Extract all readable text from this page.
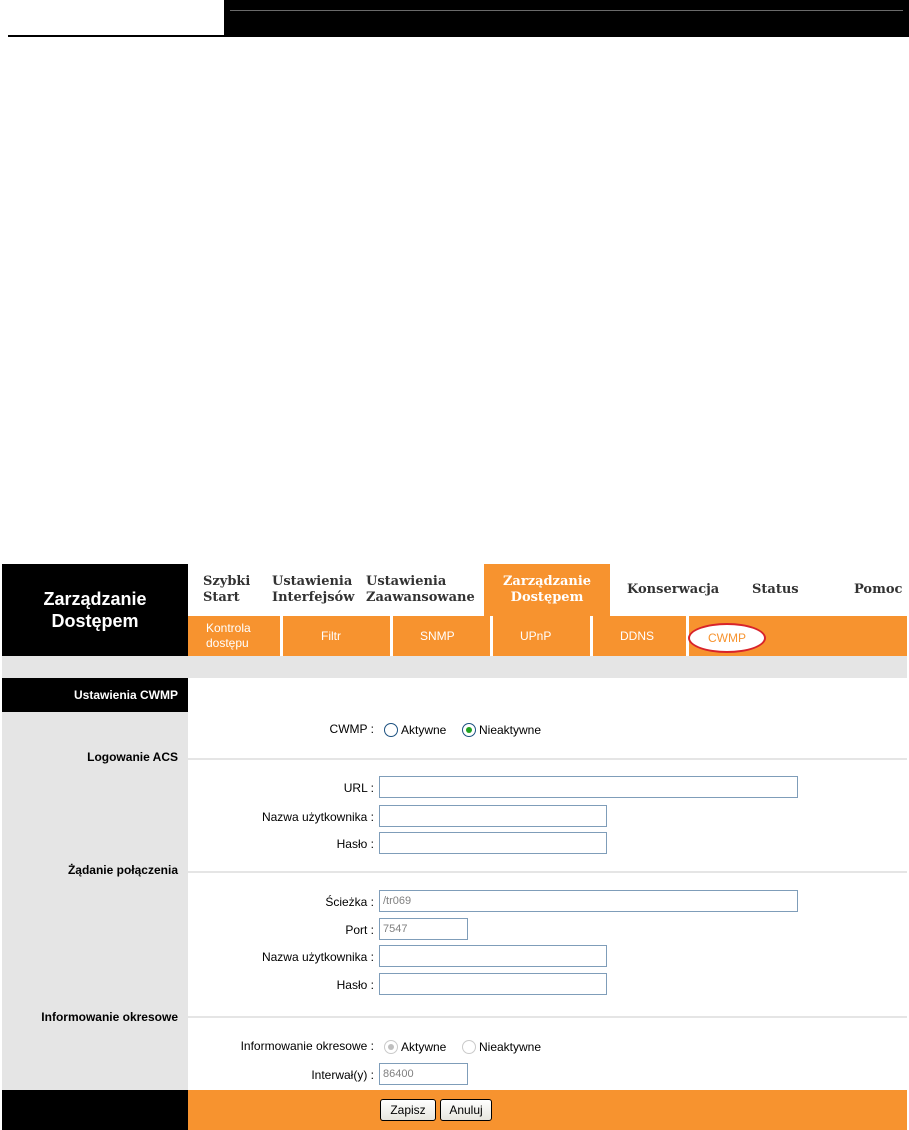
Zarządzanie
Dostępem
Szybki
Start
Ustawienia
Interfejsów
Ustawienia
Zaawansowane
Zarządzanie
Dostępem
Konserwacja	Status	Pomoc
Kontrola
dostępu
Filtr	SNMP	UPnP	DDNS	CWMP
Ustawienia CWMP
Logowanie ACS
Żądanie połączenia
Informowanie okresowe
CWMP : Aktywne	Nieaktywne
URL :
Nazwa użytkownika :
Hasło :
Ścieżka :
/tr069
Port :
7547
Nazwa użytkownika :
Hasło :
Informowanie okresowe : Aktywne	Nieaktywne
Interwał(y) :
86400
Zapisz	Anuluj
